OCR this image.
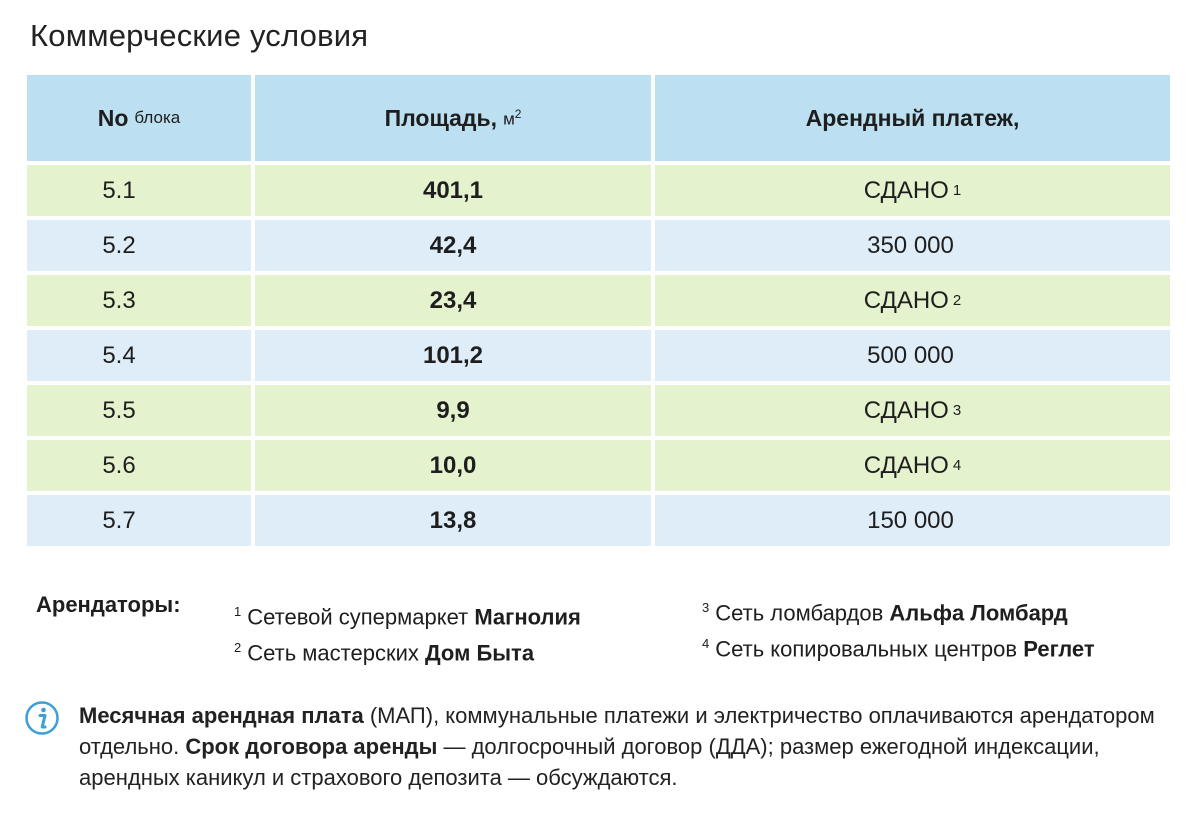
Коммерческие условия
No блока	Площадь, $м^2$	Арендный платеж,
5.1	401,1	СДАНО 1
5.2	42,4	350 000
5.3	23,4	СДАНО 2
5.4	101,2	500 000
5.5	9,9	СДАНО 3
5.6	10,0	СДАНО 4
5.7	13,8	150 000
Арендаторы:	$^1$ Сетевой супермаркет Магнолия
$^2$ Сеть мастерских Дом Быта
$^3$ Сеть ломбардов Альфа Ломбард
$^4$ Сеть копировальных центров Реглет
Месячная арендная плата (МАП), коммунальные платежи и электричество оплачиваются арендатором отдельно. Срок договора аренды — долгосрочный договор (ДДА); размер ежегодной индексации, арендных каникул и страхового депозита — обсуждаются.
